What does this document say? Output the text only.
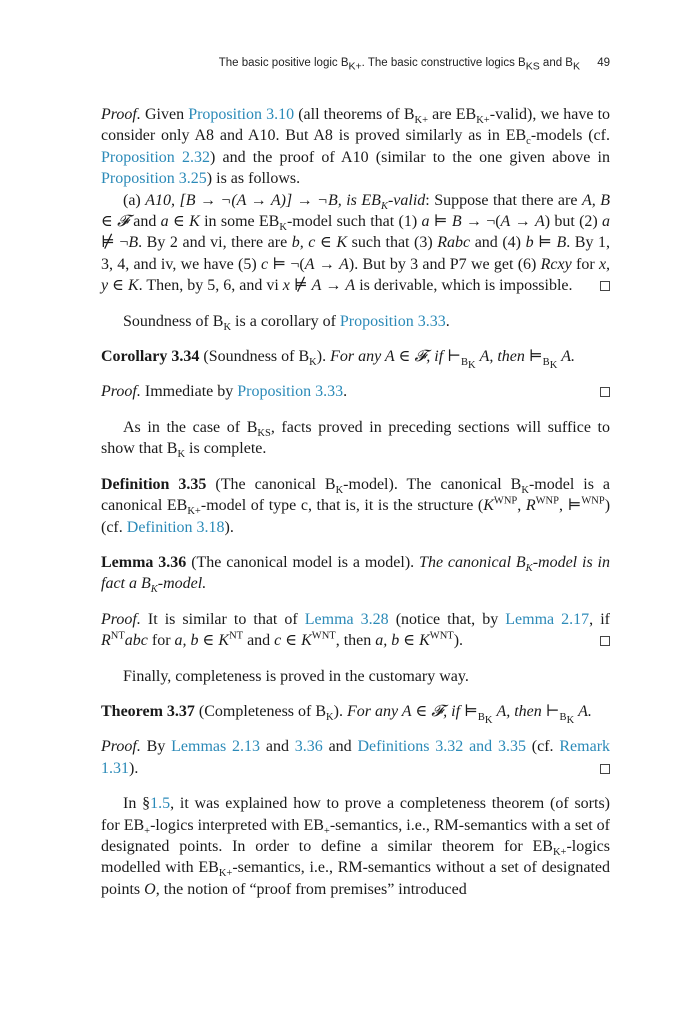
The basic positive logic $B_{K+}$. The basic constructive logics $B_{KS}$ and $B_K$ 49

Proof. Given Proposition 3.10 (all theorems of $B_{K+}$ are $EB_{K+}-valid$), we have to consider only A8 and A10. But A8 is proved similarly as in $EB_c$-models (cf. Proposition 2.32) and the proof of A10 (similar to the one given above in Proposition 3.25) is as follows.

(a) A10, [B → ¬(A → A)] → ¬B, is $EB_K$-valid: Suppose that there are A, B ∈ 𝓕 and a ∈ K in some $EB_K$-model such that (1) a ⊨ B → ¬(A → A) but (2) a ⊭ ¬B. By 2 and vi, there are b, c ∈ K such that (3) Rabc and (4) b ⊨ B. By 1, 3, 4, and iv, we have (5) c ⊨ ¬(A → A). But by 3 and P7 we get (6) Rcxy for x, y ∈ K. Then, by 5, 6, and vi x ⊭ A → A is derivable, which is impossible.

Soundness of $B_K$ is a corollary of Proposition 3.33.

Corollary 3.34 (Soundness of $B_K$). For any A ∈ 𝓕, if $⊢_{B_K}$ A, then $⊨_{B_K}$ A.

Proof. Immediate by Proposition 3.33.

As in the case of $B_{KS}$, facts proved in preceding sections will suffice to show that $B_K$ is complete.

Definition 3.35 (The canonical $B_K-model$). The canonical $B_K$-model is a canonical $EB_{K+}$-model of type c, that is, it is the structure ($K^{WNP}$, $R^{WNP}$, ⊨$^{WNP}$) (cf. Definition 3.18).

Lemma 3.36 (The canonical model is a model). The canonical $B_K$-model is in fact a $B_K$-model.

Proof. It is similar to that of Lemma 3.28 (notice that, by Lemma 2.17, if $R^{NT}abc$ for a, b ∈ $K^{NT}$ and c ∈ $K^{WNT}$, then a, b ∈ $K^{WNT}$).

Finally, completeness is proved in the customary way.

Theorem 3.37 (Completeness of $B_K$). For any A ∈ 𝓕, if $⊨_{B_K}$ A, then $⊢_{B_K}$ A.

Proof. By Lemmas 2.13 and 3.36 and Definitions 3.32 and 3.35 (cf. Remark 1.31).

In §1.5, it was explained how to prove a completeness theorem (of sorts) for $EB_+$-logics interpreted with $EB_+$-semantics, i.e., RM-semantics with a set of designated points. In order to define a similar theorem for $EB_{K+}$-logics modelled with $EB_{K+}$-semantics, i.e., RM-semantics without a set of designated points O, the notion of “proof from premises” introduced
